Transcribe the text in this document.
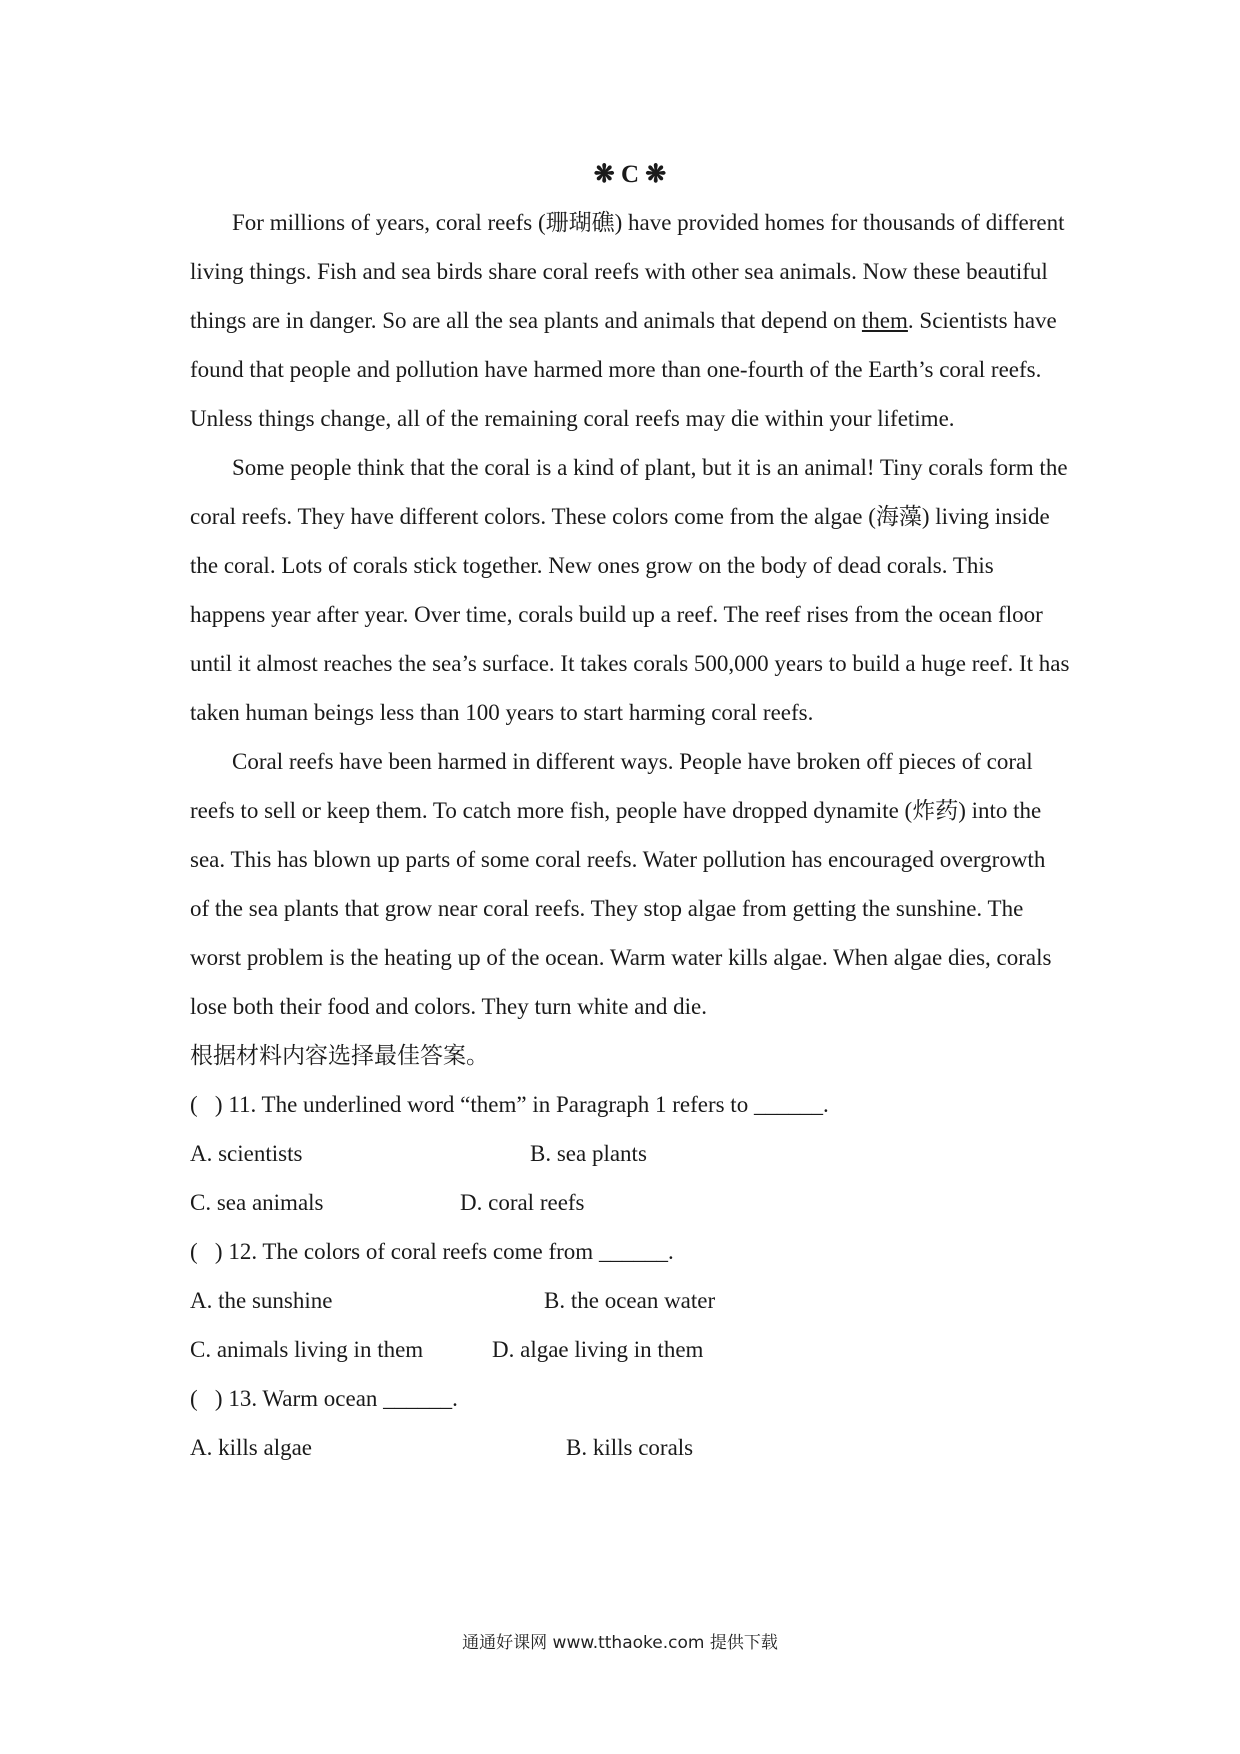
❋ C ❋

For millions of years, coral reefs (珊瑚礁) have provided homes for thousands of different living things. Fish and sea birds share coral reefs with other sea animals. Now these beautiful things are in danger. So are all the sea plants and animals that depend on them. Scientists have found that people and pollution have harmed more than one-fourth of the Earth’s coral reefs. Unless things change, all of the remaining coral reefs may die within your lifetime.

Some people think that the coral is a kind of plant, but it is an animal! Tiny corals form the coral reefs. They have different colors. These colors come from the algae (海藻) living inside the coral. Lots of corals stick together. New ones grow on the body of dead corals. This happens year after year. Over time, corals build up a reef. The reef rises from the ocean floor until it almost reaches the sea’s surface. It takes corals 500,000 years to build a huge reef. It has taken human beings less than 100 years to start harming coral reefs.

Coral reefs have been harmed in different ways. People have broken off pieces of coral reefs to sell or keep them. To catch more fish, people have dropped dynamite (炸药) into the sea. This has blown up parts of some coral reefs. Water pollution has encouraged overgrowth of the sea plants that grow near coral reefs. They stop algae from getting the sunshine. The worst problem is the heating up of the ocean. Warm water kills algae. When algae dies, corals lose both their food and colors. They turn white and die.

根据材料内容选择最佳答案。

(   ) 11. The underlined word “them” in Paragraph 1 refers to ______.

A. scientists	B. sea plants
C. sea animals	D. coral reefs

(   ) 12. The colors of coral reefs come from ______.

A. the sunshine	B. the ocean water
C. animals living in them	D. algae living in them

(   ) 13. Warm ocean ______.

A. kills algae	B. kills corals
通通好课网 www.tthaoke.com 提供下载
